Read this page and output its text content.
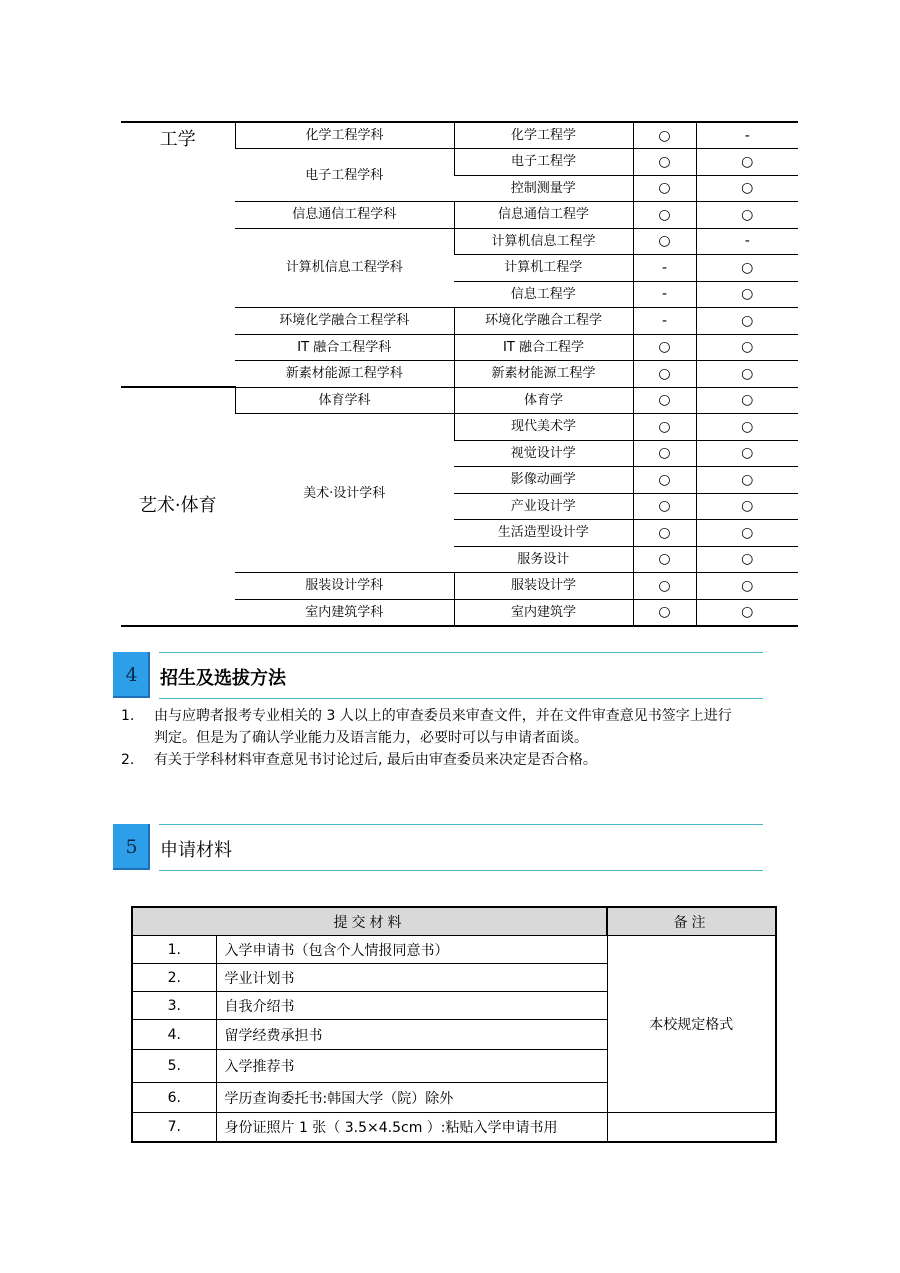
工学	化学工程学科	化学工程学	○	-
	电子工程学科	电子工程学	○	○
		控制测量学	○	○
	信息通信工程学科	信息通信工程学	○	○
	计算机信息工程学科	计算机信息工程学	○	-
		计算机工程学	-	○
		信息工程学	-	○
	环境化学融合工程学科	环境化学融合工程学	-	○
	IT 融合工程学科	IT 融合工程学	○	○
	新素材能源工程学科	新素材能源工程学	○	○
艺术·体育	体育学科	体育学	○	○
	美术·设计学科	现代美术学	○	○
		视觉设计学	○	○
		影像动画学	○	○
		产业设计学	○	○
		生活造型设计学	○	○
		服务设计	○	○
	服装设计学科	服装设计学	○	○
	室内建筑学科	室内建筑学	○	○
4	招生及选拔方法
1. 由与应聘者报考专业相关的 3 人以上的审查委员来审查文件，并在文件审查意见书签字上进行
判定。但是为了确认学业能力及语言能力，必要时可以与申请者面谈。
2. 有关于学科材料审查意见书讨论过后, 最后由审查委员来决定是否合格。
5	申请材料
提交材料		备注
1.	入学申请书（包含个人情报同意书）	本校规定格式
2.	学业计划书	
3.	自我介绍书	
4.	留学经费承担书	
5.	入学推荐书	
6.	学历查询委托书:韩国大学（院）除外	
7.	身份证照片 1 张（ 3.5×4.5cm ）:粘贴入学申请书用	
